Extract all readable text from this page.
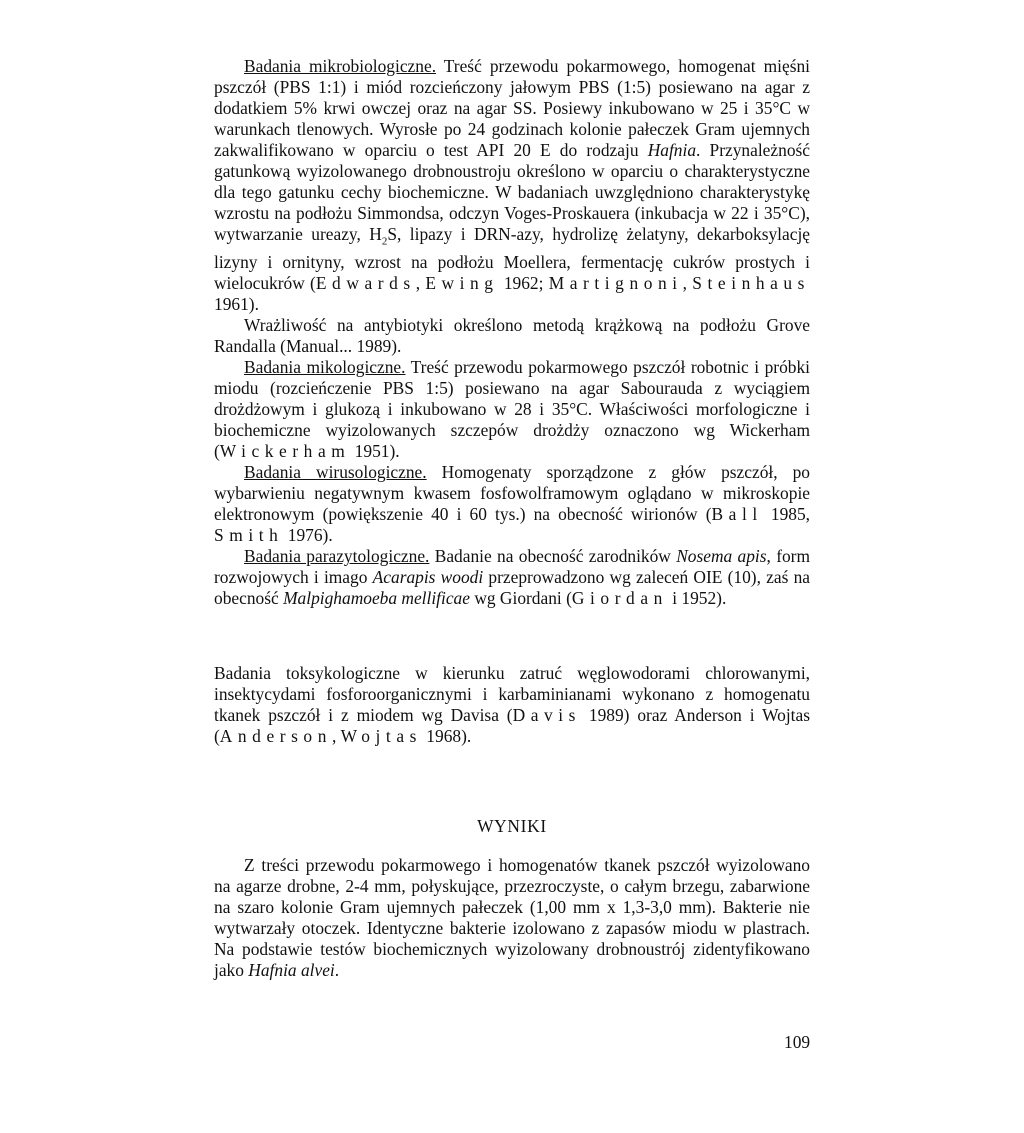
Badania mikrobiologiczne. Treść przewodu pokarmowego, homogenat mięśni pszczół (PBS 1:1) i miód rozcieńczony jałowym PBS (1:5) posiewano na agar z dodatkiem 5% krwi owczej oraz na agar SS. Posiewy inkubowano w 25 i 35°C w warunkach tlenowych. Wyrosłe po 24 godzinach kolonie pałeczek Gram ujemnych zakwalifikowano w oparciu o test API 20 E do rodzaju Hafnia. Przynależność gatunkową wyizolowanego drobnoustroju określono w oparciu o charakterystyczne dla tego gatunku cechy biochemiczne. W badaniach uwzględniono charakterystykę wzrostu na podłożu Simmondsa, odczyn Voges-Proskauera (inkubacja w 22 i 35°C), wytwarzanie ureazy, $H_2S$, lipazy i DRN-azy, hydrolizę żelatyny, dekarboksylację lizyny i ornityny, wzrost na podłożu Moellera, fermentację cukrów prostych i wielocukrów (Edwards, Ewing 1962; Martignoni, Steinhaus 1961).

Wrażliwość na antybiotyki określono metodą krążkową na podłożu Grove Randalla (Manual... 1989).

Badania mikologiczne. Treść przewodu pokarmowego pszczół robotnic i próbki miodu (rozcieńczenie PBS 1:5) posiewano na agar Sabourauda z wyciągiem drożdżowym i glukozą i inkubowano w 28 i 35°C. Właściwości morfologiczne i biochemiczne wyizolowanych szczepów drożdży oznaczono wg Wickerham (Wickerham 1951).

Badania wirusologiczne. Homogenaty sporządzone z głów pszczół, po wybarwieniu negatywnym kwasem fosfowolframowym oglądano w mikroskopie elektronowym (powiększenie 40 i 60 tys.) na obecność wirionów (Ball 1985, Smith 1976).

Badania parazytologiczne. Badanie na obecność zarodników Nosema apis, form rozwojowych i imago Acarapis woodi przeprowadzono wg zaleceń OIE (10), zaś na obecność Malpighamoeba mellificae wg Giordani (Giordan i 1952).

Badania toksykologiczne w kierunku zatruć węglowodorami chlorowanymi, insektycydami fosforoorganicznymi i karbaminianami wykonano z homogenatu tkanek pszczół i z miodem wg Davisa (Davis 1989) oraz Anderson i Wojtas (Anderson, Wojtas 1968).

WYNIKI

Z treści przewodu pokarmowego i homogenatów tkanek pszczół wyizolowano na agarze drobne, 2-4 mm, połyskujące, przezroczyste, o całym brzegu, zabarwione na szaro kolonie Gram ujemnych pałeczek (1,00 mm x 1,3-3,0 mm). Bakterie nie wytwarzały otoczek. Identyczne bakterie izolowano z zapasów miodu w plastrach. Na podstawie testów biochemicznych wyizolowany drobnoustrój zidentyfikowano jako Hafnia alvei.

109
